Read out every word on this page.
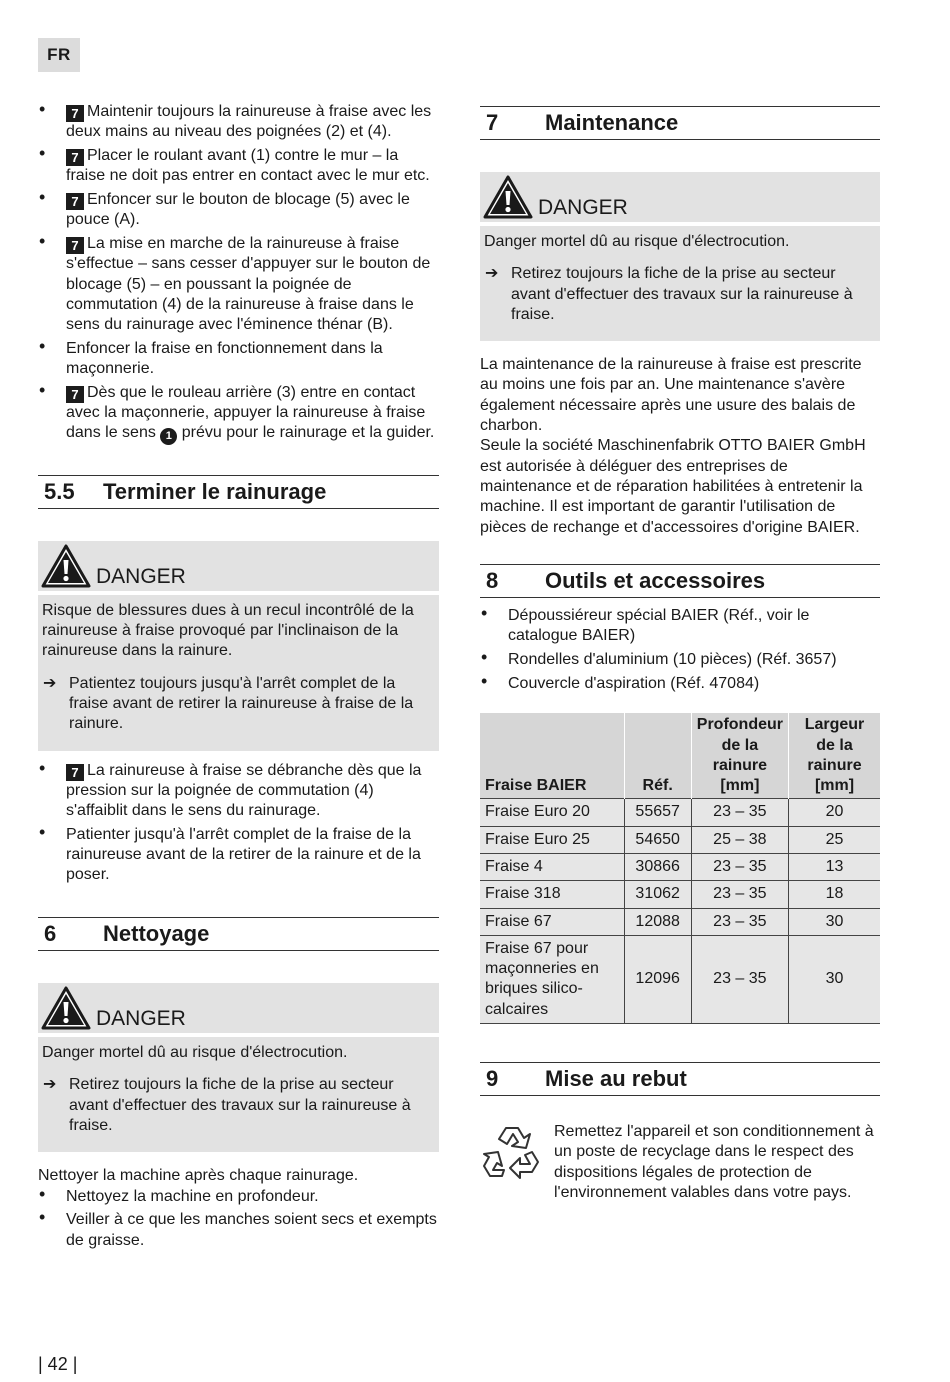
FR
• 7 Maintenir toujours la rainureuse à fraise avec les deux mains au niveau des poignées (2) et (4).
• 7 Placer le roulant avant (1) contre le mur – la fraise ne doit pas entrer en contact avec le mur etc.
• 7 Enfoncer sur le bouton de blocage (5) avec le pouce (A).
• 7 La mise en marche de la rainureuse à fraise s'effectue – sans cesser d'appuyer sur le bouton de blocage (5) – en poussant la poignée de commutation (4) de la rainureuse à fraise dans le sens du rainurage avec l'éminence thénar (B).
• Enfoncer la fraise en fonctionnement dans la maçonnerie.
• 7 Dès que le rouleau arrière (3) entre en contact avec la maçonnerie, appuyer la rainureuse à fraise dans le sens 1 prévu pour le rainurage et la guider.
5.5	Terminer le rainurage
DANGER

Risque de blessures dues à un recul incontrôlé de la rainureuse à fraise provoqué par l'inclinaison de la rainureuse dans la rainure.

➔ Patientez toujours jusqu'à l'arrêt complet de la fraise avant de retirer la rainureuse à fraise de la rainure.

• 7 La rainureuse à fraise se débranche dès que la pression sur la poignée de commutation (4) s'affaiblit dans le sens du rainurage.
• Patienter jusqu'à l'arrêt complet de la fraise de la rainureuse avant de la retirer de la rainure et de la poser.
6	Nettoyage
DANGER

Danger mortel dû au risque d'électrocution.

➔ Retirez toujours la fiche de la prise au secteur avant d'effectuer des travaux sur la rainureuse à fraise.

Nettoyer la machine après chaque rainurage.

• Nettoyez la machine en profondeur.
• Veiller à ce que les manches soient secs et exempts de graisse.
7	Maintenance
DANGER

Danger mortel dû au risque d'électrocution.

➔ Retirez toujours la fiche de la prise au secteur avant d'effectuer des travaux sur la rainureuse à fraise.

La maintenance de la rainureuse à fraise est prescrite au moins une fois par an. Une maintenance s'avère également nécessaire après une usure des balais de charbon.

Seule la société Maschinenfabrik OTTO BAIER GmbH est autorisée à déléguer des entreprises de maintenance et de réparation habilitées à entretenir la machine. Il est important de garantir l'utilisation de pièces de rechange et d'accessoires d'origine BAIER.

8	Outils et accessoires
• Dépoussiéreur spécial BAIER (Réf., voir le catalogue BAIER)
• Rondelles d'aluminium (10 pièces) (Réf. 3657)
• Couvercle d'aspiration (Réf. 47084)
Fraise BAIER	Réf.	Profondeur de la rainure [mm]	Largeur de la rainure [mm]
Fraise Euro 20	55657	23 – 35	20
Fraise Euro 25	54650	25 – 38	25
Fraise 4	30866	23 – 35	13
Fraise 318	31062	23 – 35	18
Fraise 67	12088	23 – 35	30
Fraise 67 pour maçonneries en briques silico-calcaires	12096	23 – 35	30
9	Mise au rebut

Remettez l'appareil et son conditionnement à un poste de recyclage dans le respect des dispositions légales de protection de l'environnement valables dans votre pays.

| 42 |
